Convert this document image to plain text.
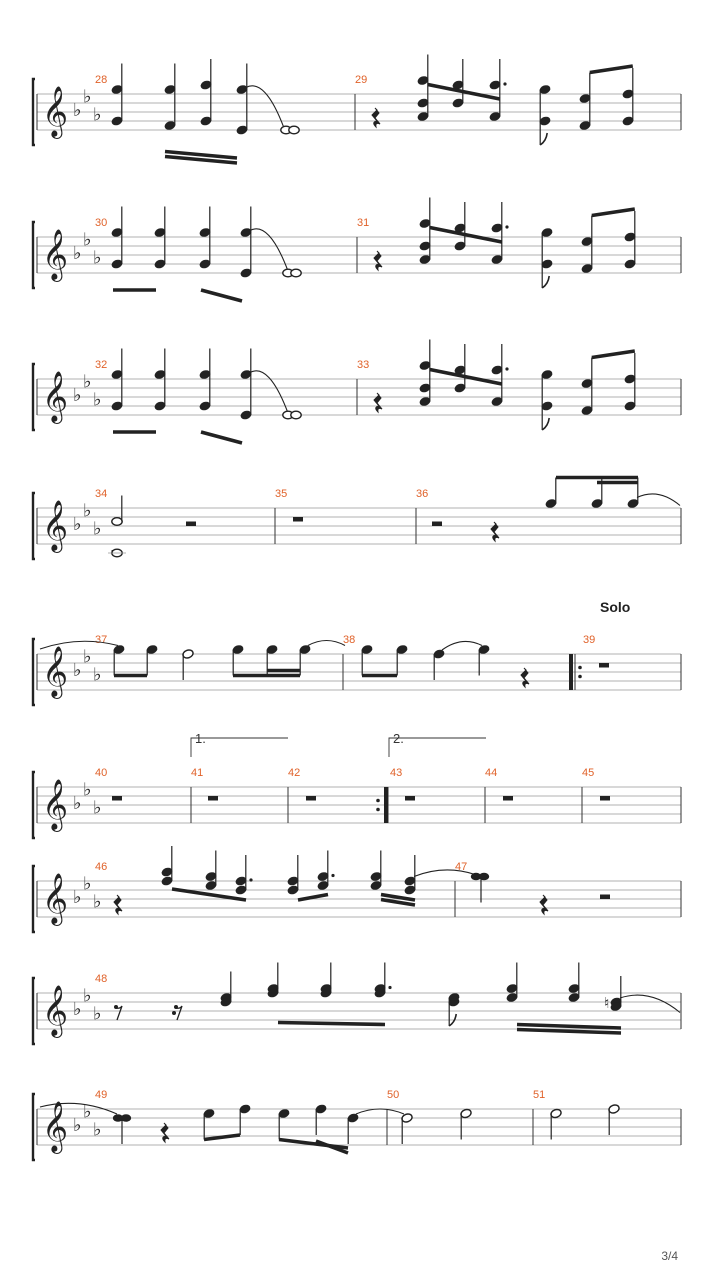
𝄞 ♭
♭
♭
28	29
𝄞 ♭
♭
♭
30	31
𝄞 ♭
♭
♭
32	33
𝄞 ♭
♭
♭
34	35	36
𝄞 ♭
♭
♭
37	38	39
𝄞 ♭
♭
♭
40	41	42	43	44	45
𝄞 ♭
♭
♭
46	47
𝄞 ♭
♭
♭
48
𝄞 ♭
♭
♭
49	50	51
Solo
1.	2.
♮
3/4
